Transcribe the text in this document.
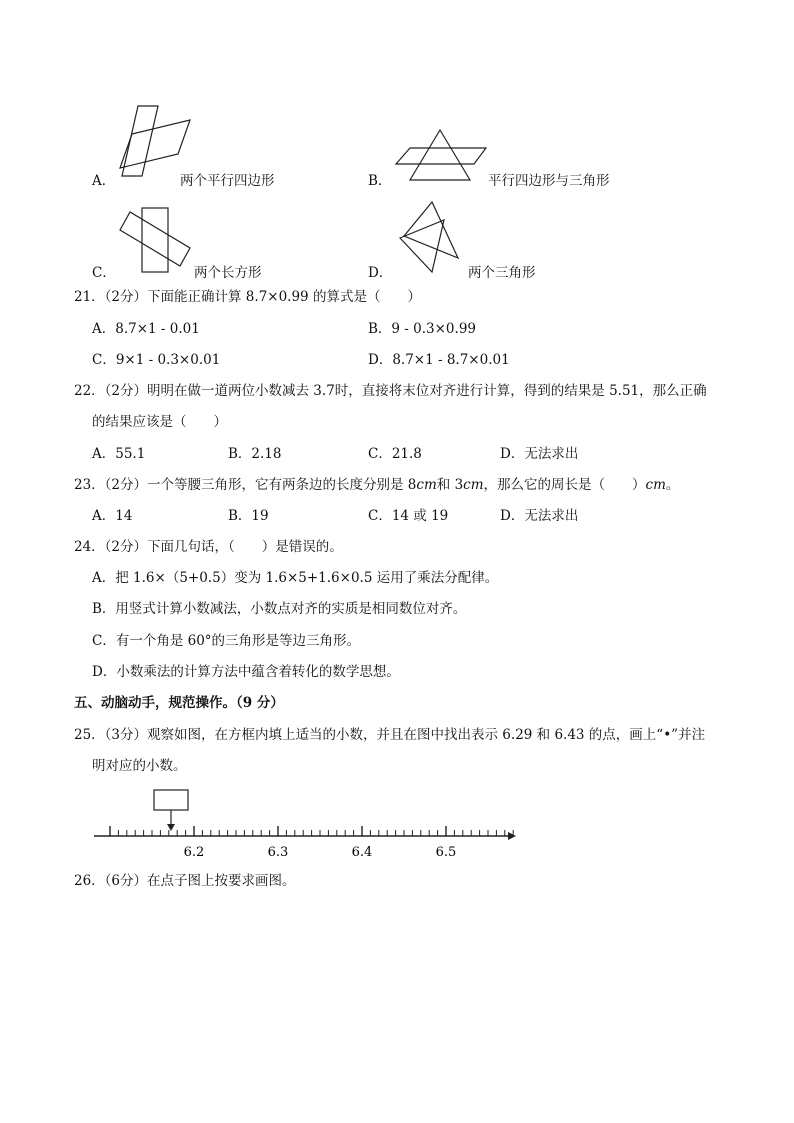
A．	两个平行四边形	B．	平行四边形与三角形
C．	两个长方形	D．	两个三角形
21．（2分）下面能正确计算 8.7×0.99 的算式是（　　）
A．8.7×1 - 0.01	B．9 - 0.3×0.99
C．9×1 - 0.3×0.01	D．8.7×1 - 8.7×0.01
22．（2分）明明在做一道两位小数减去 3.7时，直接将末位对齐进行计算，得到的结果是 5.51，那么正确
的结果应该是（　　）
A．55.1	B．2.18	C．21.8	D．无法求出
23．（2分）一个等腰三角形，它有两条边的长度分别是 8cm和 3cm，那么它的周长是（　　）cm。
A．14	B．19	C．14 或 19	D．无法求出
24．（2分）下面几句话，（　　）是错误的。
A．把 1.6×（5+0.5）变为 1.6×5+1.6×0.5 运用了乘法分配律。
B．用竖式计算小数减法，小数点对齐的实质是相同数位对齐。
C．有一个角是 60°的三角形是等边三角形。
D．小数乘法的计算方法中蕴含着转化的数学思想。
五、动脑动手，规范操作。（9 分）
25．（3分）观察如图，在方框内填上适当的小数，并且在图中找出表示 6.29 和 6.43 的点，画上“•”并注
明对应的小数。
6.2	6.3	6.4	6.5
26．（6分）在点子图上按要求画图。
